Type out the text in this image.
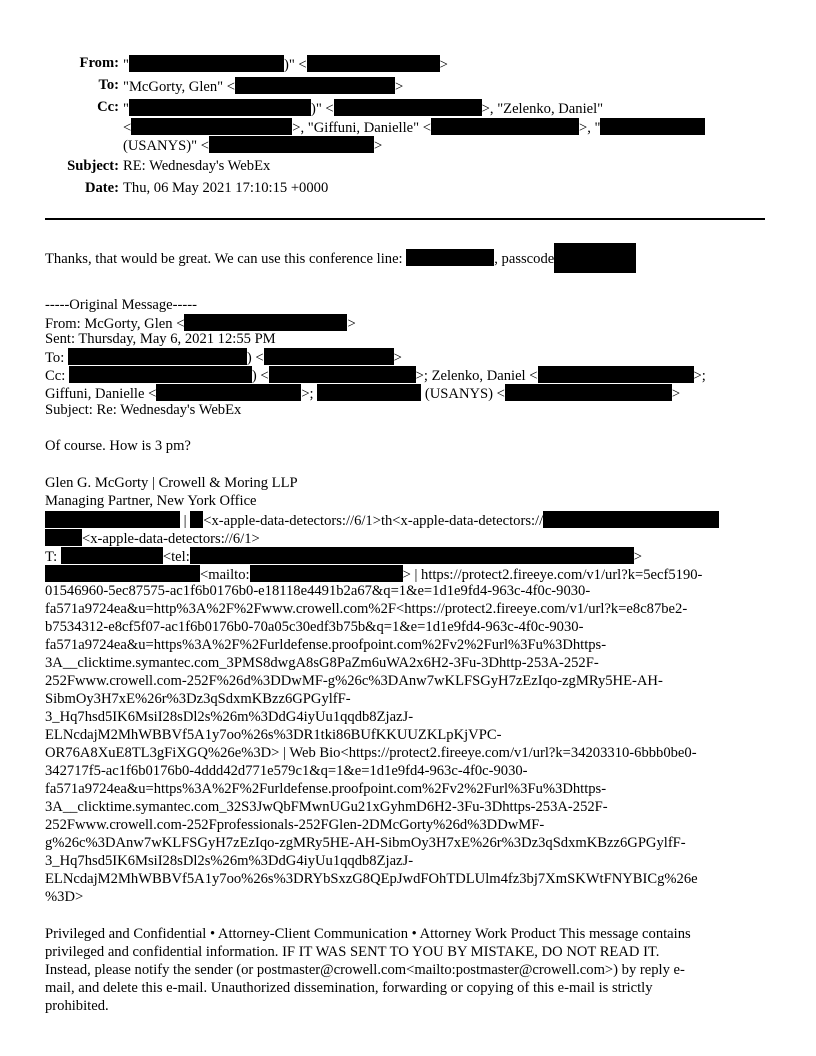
From: "	)" <	>
To: "McGorty, Glen" <	>
Cc: "	)" <	>, "Zelenko, Daniel"
<	>, "Giffuni, Danielle" <	>, "
(USANYS)" <	>
Subject: RE: Wednesday's WebEx
Date: Thu, 06 May 2021 17:10:15 +0000
Thanks, that would be great. We can use this conference line:	, passcode
-----Original Message-----
From: McGorty, Glen <	>
Sent: Thursday, May 6, 2021 12:55 PM
To:	) <	>
Cc:	) <	>; Zelenko, Daniel <	>;
Giffuni, Danielle <	>;	(USANYS) <	>
Subject: Re: Wednesday's WebEx
Of course. How is 3 pm?
Glen G. McGorty | Crowell & Moring LLP
Managing Partner, New York Office
| <x-apple-data-detectors://6/1>th<x-apple-data-detectors://
<x-apple-data-detectors://6/1>
T:	<tel:	>
<mailto:	> | https://protect2.fireeye.com/v1/url?k=5ecf5190-
01546960-5ec87575-ac1f6b0176b0-e18118e4491b2a67&q=1&e=1d1e9fd4-963c-4f0c-9030-
fa571a9724ea&u=http%3A%2F%2Fwww.crowell.com%2F<https://protect2.fireeye.com/v1/url?k=e8c87be2-
b7534312-e8cf5f07-ac1f6b0176b0-70a05c30edf3b75b&q=1&e=1d1e9fd4-963c-4f0c-9030-
fa571a9724ea&u=https%3A%2F%2Furldefense.proofpoint.com%2Fv2%2Furl%3Fu%3Dhttps-
3A__clicktime.symantec.com_3PMS8dwgA8sG8PaZm6uWA2x6H2-3Fu-3Dhttp-253A-252F-
252Fwww.crowell.com-252F%26d%3DDwMF-g%26c%3DAnw7wKLFSGyH7zEzIqo-zgMRy5HE-AH-
SibmOy3H7xE%26r%3Dz3qSdxmKBzz6GPGylfF-
3_Hq7hsd5IK6MsiI28sDl2s%26m%3DdG4iyUu1qqdb8ZjazJ-
ELNcdajM2MhWBBVf5A1y7oo%26s%3DR1tki86BUfKKUUZKLpKjVPC-
OR76A8XuE8TL3gFiXGQ%26e%3D> | Web Bio<https://protect2.fireeye.com/v1/url?k=34203310-6bbb0be0-
342717f5-ac1f6b0176b0-4ddd42d771e579c1&q=1&e=1d1e9fd4-963c-4f0c-9030-
fa571a9724ea&u=https%3A%2F%2Furldefense.proofpoint.com%2Fv2%2Furl%3Fu%3Dhttps-
3A__clicktime.symantec.com_32S3JwQbFMwnUGu21xGyhmD6H2-3Fu-3Dhttps-253A-252F-
252Fwww.crowell.com-252Fprofessionals-252FGlen-2DMcGorty%26d%3DDwMF-
g%26c%3DAnw7wKLFSGyH7zEzIqo-zgMRy5HE-AH-SibmOy3H7xE%26r%3Dz3qSdxmKBzz6GPGylfF-
3_Hq7hsd5IK6MsiI28sDl2s%26m%3DdG4iyUu1qqdb8ZjazJ-
ELNcdajM2MhWBBVf5A1y7oo%26s%3DRYbSxzG8QEpJwdFOhTDLUlm4fz3bj7XmSKWtFNYBICg%26e
%3D>
Privileged and Confidential • Attorney-Client Communication • Attorney Work Product This message contains
privileged and confidential information. IF IT WAS SENT TO YOU BY MISTAKE, DO NOT READ IT.
Instead, please notify the sender (or postmaster@crowell.com<mailto:postmaster@crowell.com>) by reply e-
mail, and delete this e-mail. Unauthorized dissemination, forwarding or copying of this e-mail is strictly
prohibited.
